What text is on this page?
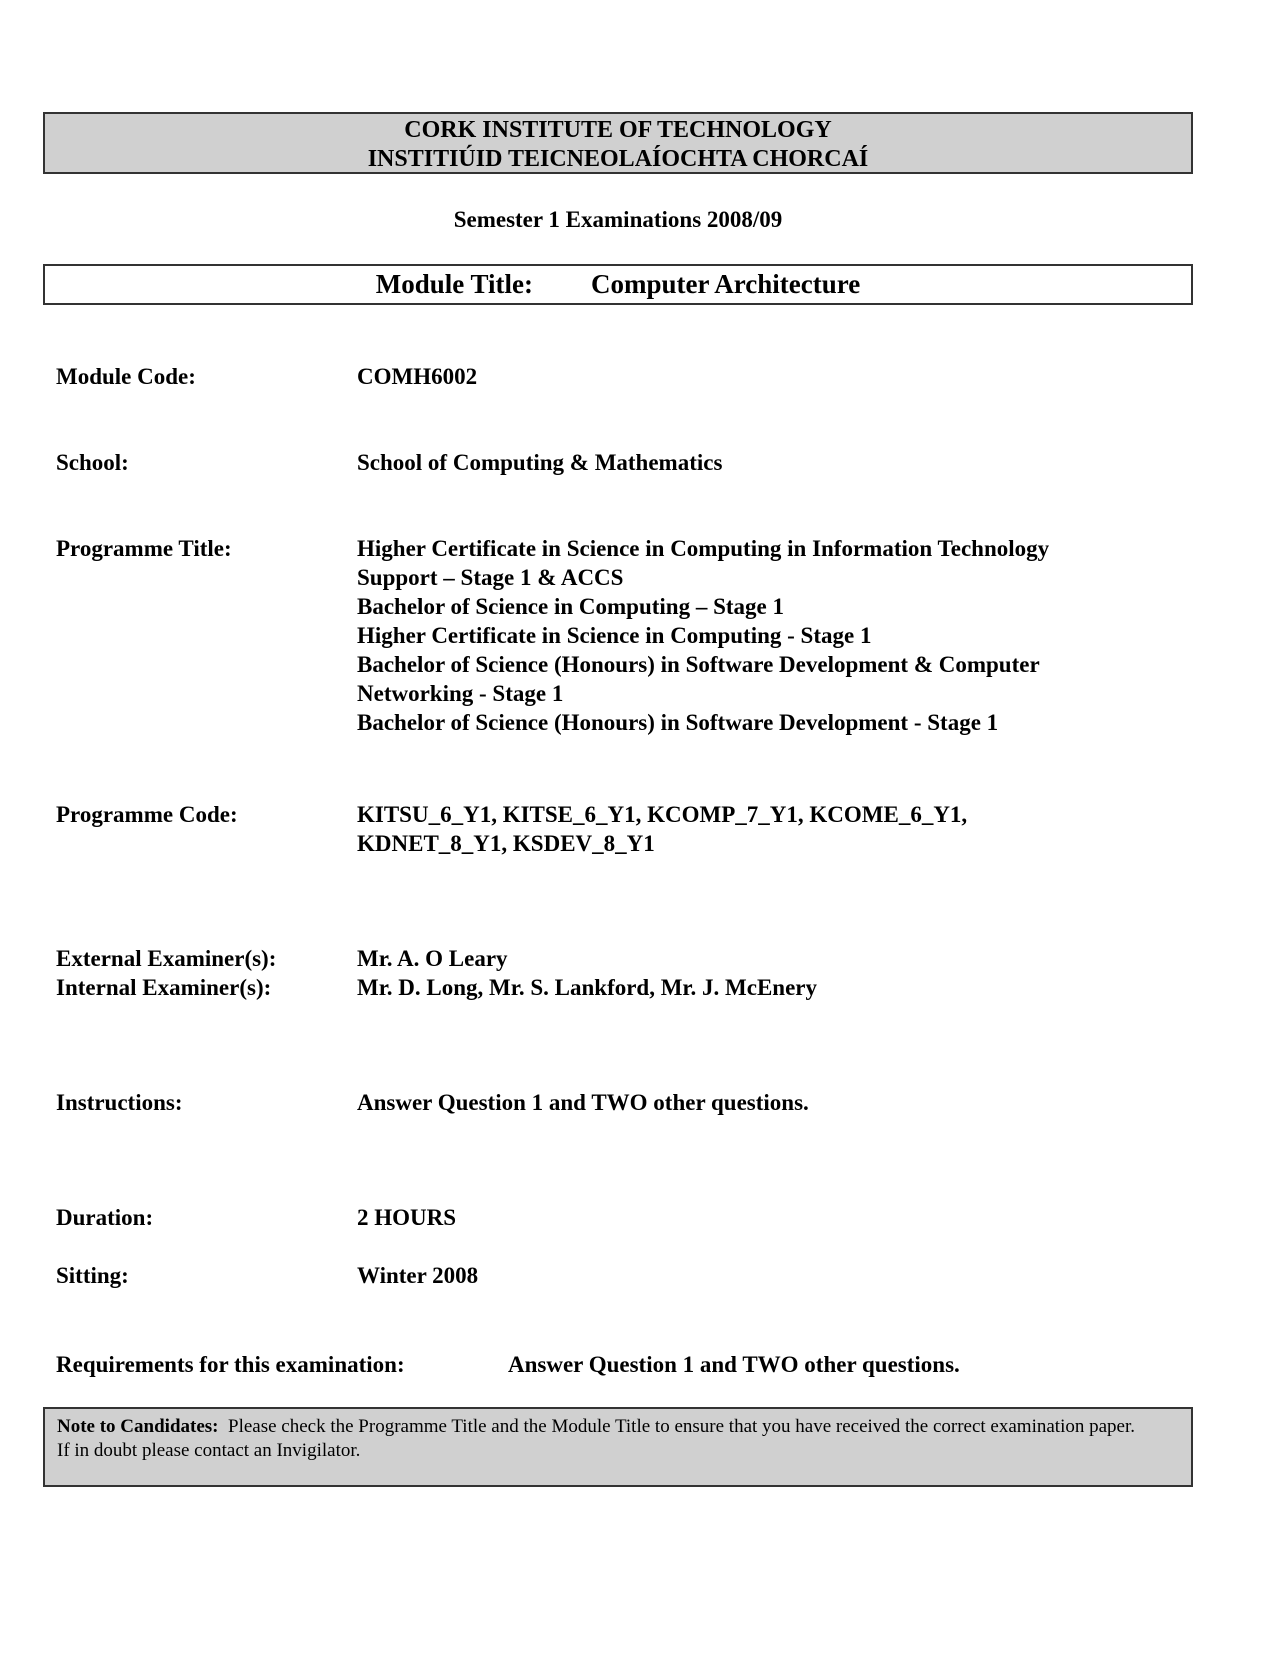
CORK INSTITUTE OF TECHNOLOGY
INSTITIÚID TEICNEOLAÍOCHTA CHORCAÍ
Semester 1 Examinations 2008/09
Module Title: Computer Architecture
Module Code:	COMH6002
School:	School of Computing & Mathematics
Programme Title:	Higher Certificate in Science in Computing in Information Technology
Support – Stage 1 & ACCS
Bachelor of Science in Computing – Stage 1
Higher Certificate in Science in Computing - Stage 1
Bachelor of Science (Honours) in Software Development & Computer
Networking - Stage 1
Bachelor of Science (Honours) in Software Development - Stage 1
Programme Code:	KITSU_6_Y1, KITSE_6_Y1, KCOMP_7_Y1, KCOME_6_Y1,
KDNET_8_Y1, KSDEV_8_Y1
External Examiner(s):	Mr. A. O Leary
Internal Examiner(s):	Mr. D. Long, Mr. S. Lankford, Mr. J. McEnery
Instructions:	Answer Question 1 and TWO other questions.
Duration:	2 HOURS
Sitting:	Winter 2008
Requirements for this examination:	Answer Question 1 and TWO other questions.
Note to Candidates: Please check the Programme Title and the Module Title to ensure that you have received the correct examination paper.
If in doubt please contact an Invigilator.
